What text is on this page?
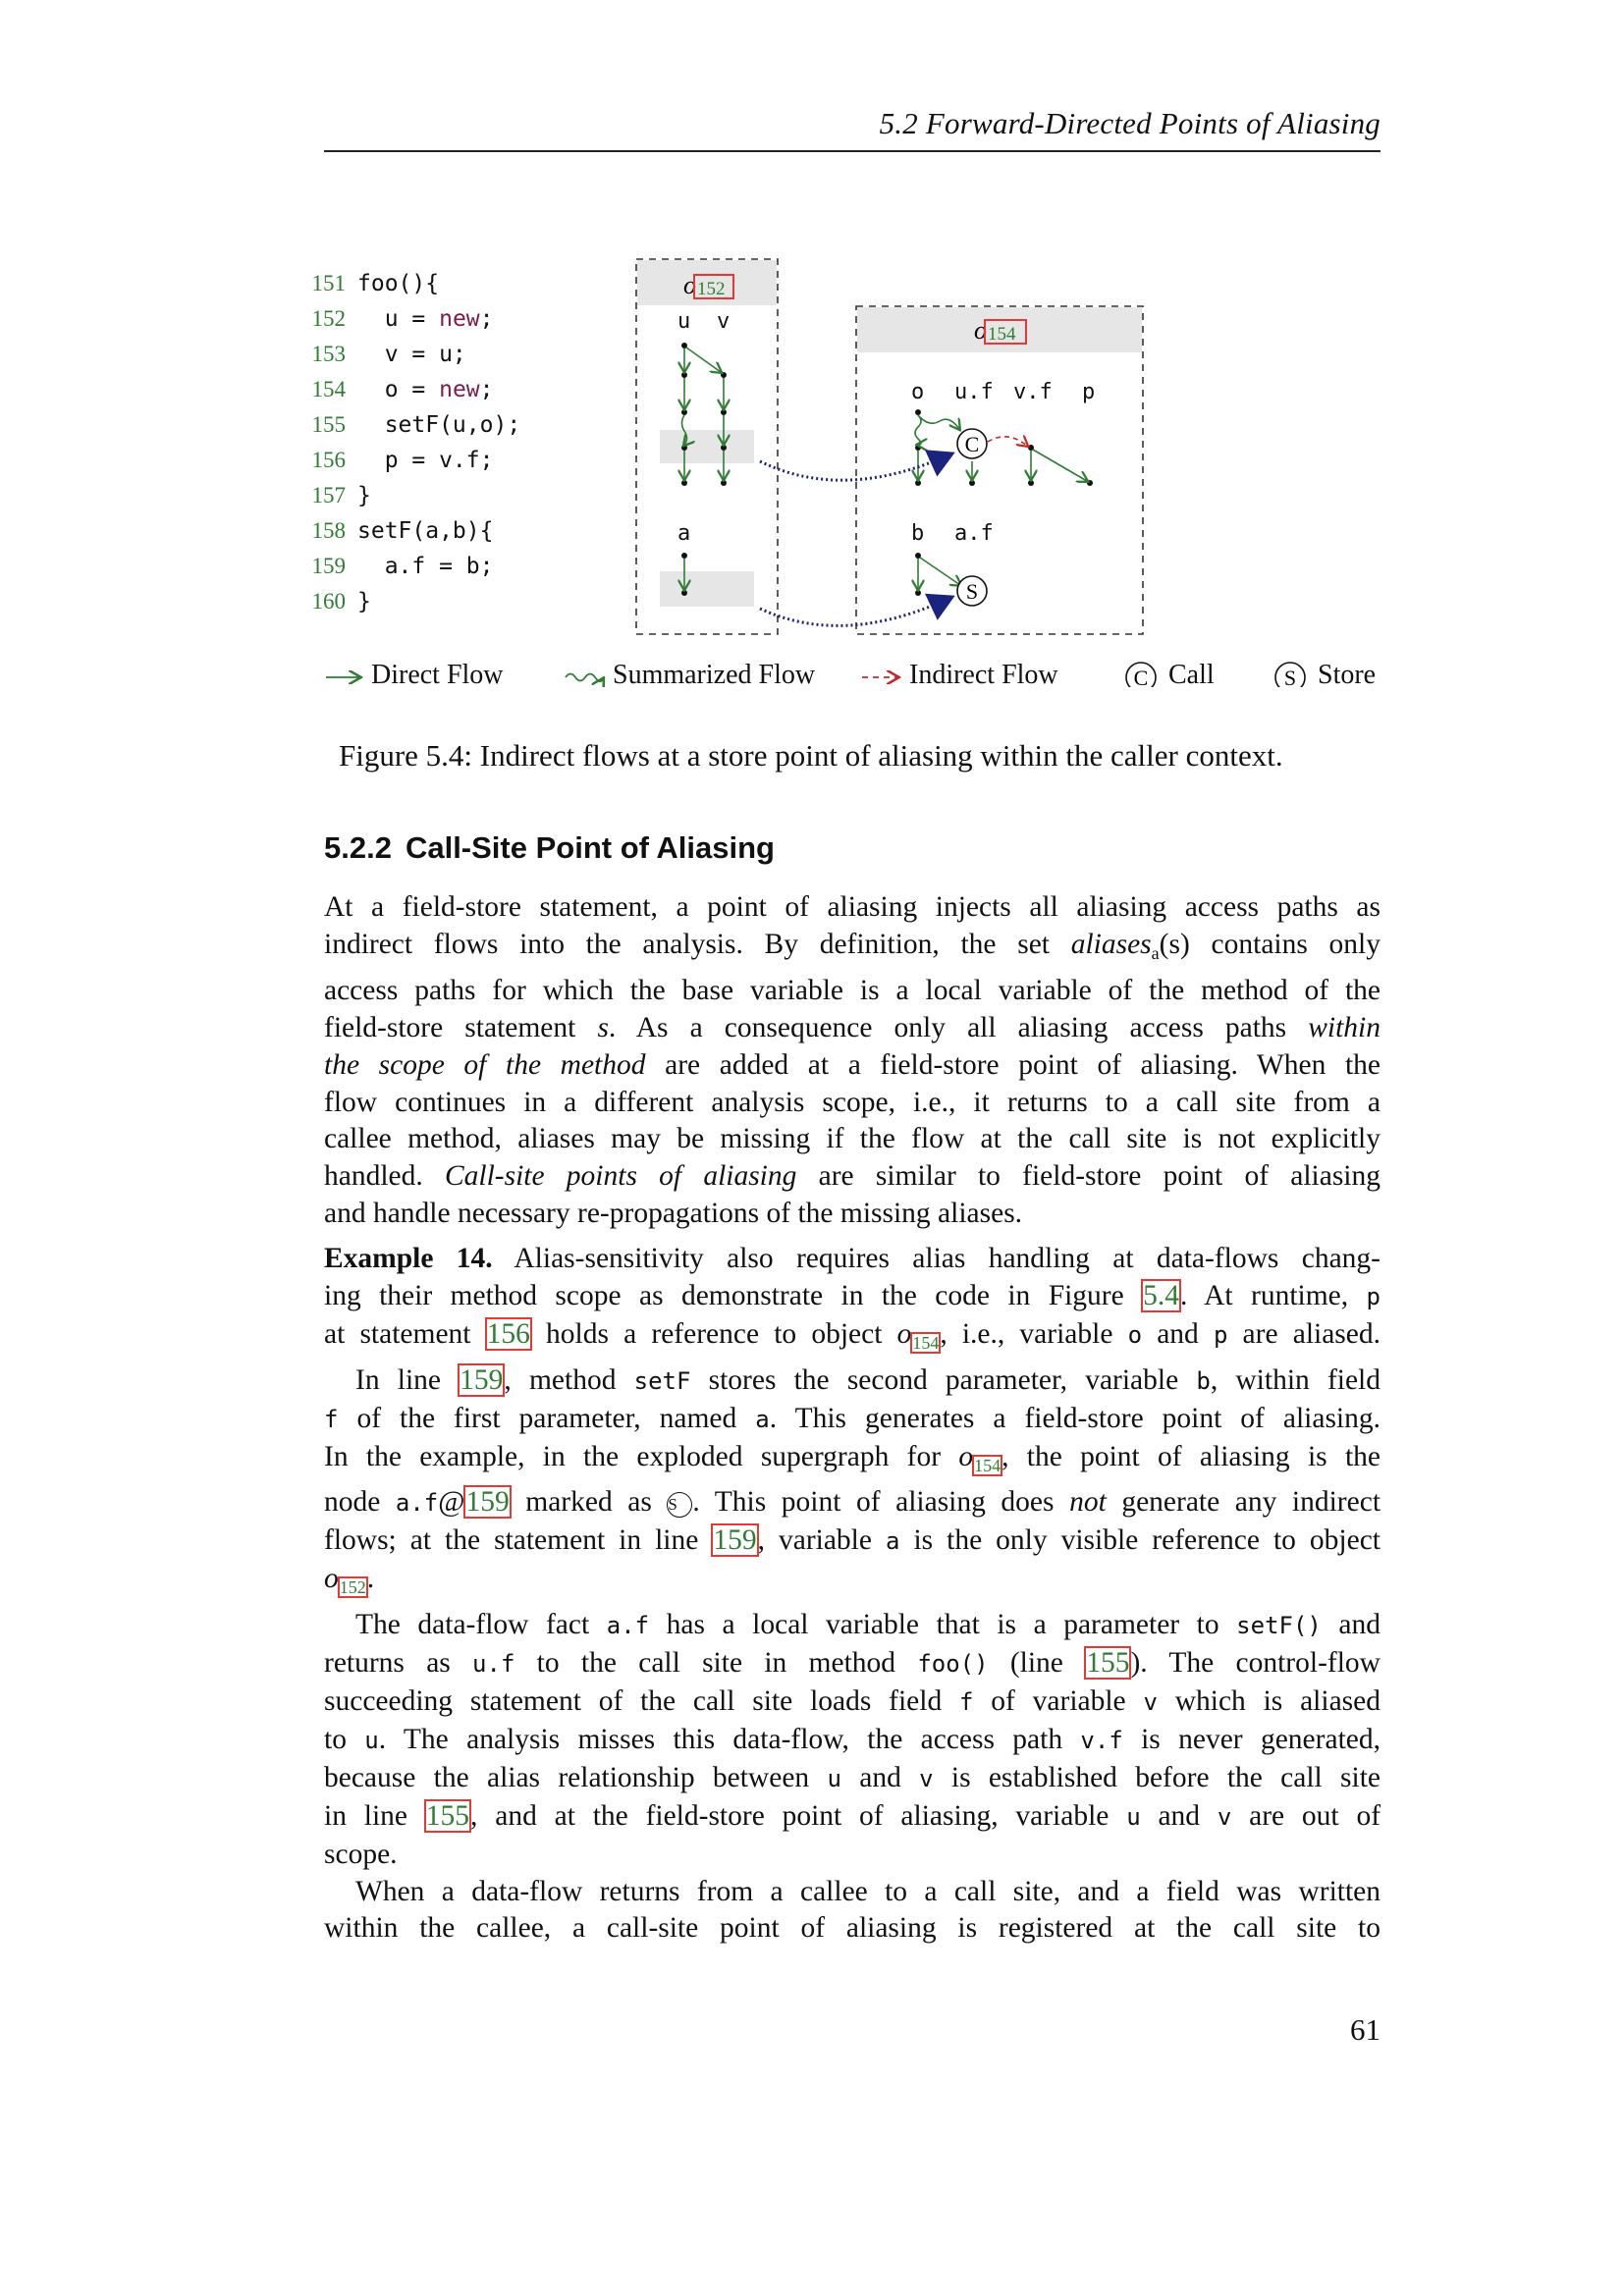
5.2 Forward-Directed Points of Aliasing
151 foo(){
152 u = new;
153 v = u;
154 o = new;
155 setF(u,o);
156 p = v.f;
157 }
158 setF(a,b){
159 a.f = b;
160 }
o 152
o 154
u v
a
o u.f v.f p
b a.f
C
S
C	S
Direct Flow	Summarized Flow	Indirect Flow	Call	Store
Figure 5.4: Indirect flows at a store point of aliasing within the caller context.
5.2.2 Call-Site Point of Aliasing
At a field-store statement, a point of aliasing injects all aliasing access paths as
indirect flows into the analysis. By definition, the set aliases$_a$(s) contains only
access paths for which the base variable is a local variable of the method of the
field-store statement s. As a consequence only all aliasing access paths within
the scope of the method are added at a field-store point of aliasing. When the
flow continues in a different analysis scope, i.e., it returns to a call site from a
callee method, aliases may be missing if the flow at the call site is not explicitly
handled. Call-site points of aliasing are similar to field-store point of aliasing
and handle necessary re-propagations of the missing aliases.
Example 14. Alias-sensitivity also requires alias handling at data-flows chang-
ing their method scope as demonstrate in the code in Figure 5.4. At runtime, p
at statement 156 holds a reference to object $o_{154}$, i.e., variable o and p are aliased.
In line 159, method setF stores the second parameter, variable b, within field
f of the first parameter, named a. This generates a field-store point of aliasing.
In the example, in the exploded supergraph for $o_{154}$, the point of aliasing is the
node a.f@159 marked as S . This point of aliasing does not generate any indirect
flows; at the statement in line 159, variable a is the only visible reference to object
$o_{152}$.
The data-flow fact a.f has a local variable that is a parameter to setF() and
returns as u.f to the call site in method foo() (line 155). The control-flow
succeeding statement of the call site loads field f of variable v which is aliased
to u. The analysis misses this data-flow, the access path v.f is never generated,
because the alias relationship between u and v is established before the call site
in line 155, and at the field-store point of aliasing, variable u and v are out of
scope.
When a data-flow returns from a callee to a call site, and a field was written
within the callee, a call-site point of aliasing is registered at the call site to
61
